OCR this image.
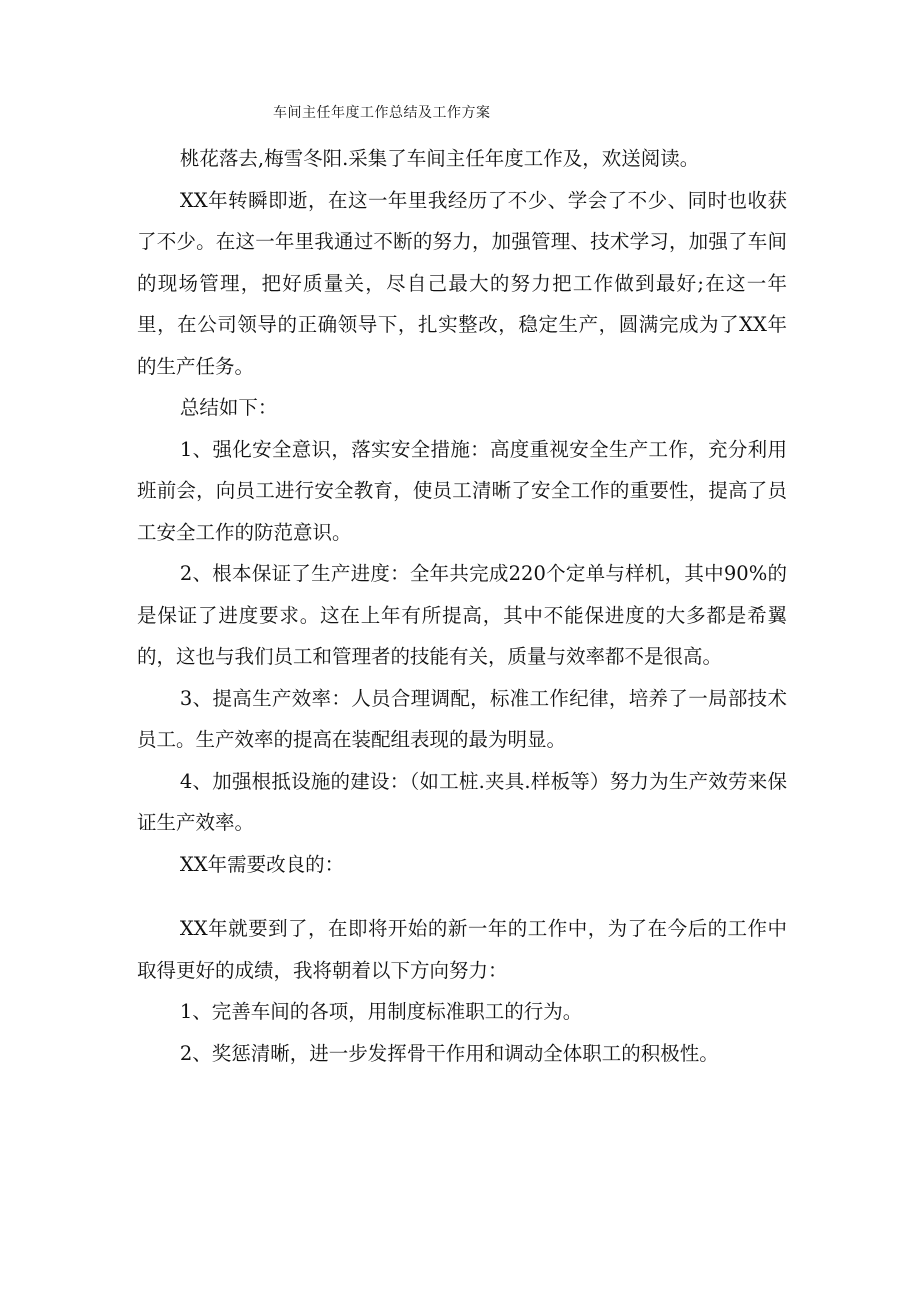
车间主任年度工作总结及工作方案

桃花落去,梅雪冬阳.采集了车间主任年度工作及，欢送阅读。

XX年转瞬即逝，在这一年里我经历了不少、学会了不少、同时也收获了不少。在这一年里我通过不断的努力，加强管理、技术学习，加强了车间的现场管理，把好质量关，尽自己最大的努力把工作做到最好;在这一年里，在公司领导的正确领导下，扎实整改，稳定生产，圆满完成为了XX年的生产任务。

总结如下：

1、强化安全意识，落实安全措施：高度重视安全生产工作，充分利用班前会，向员工进行安全教育，使员工清晰了安全工作的重要性，提高了员工安全工作的防范意识。

2、根本保证了生产进度：全年共完成220个定单与样机，其中90%的是保证了进度要求。这在上年有所提高，其中不能保进度的大多都是希翼的，这也与我们员工和管理者的技能有关，质量与效率都不是很高。

3、提高生产效率：人员合理调配，标准工作纪律，培养了一局部技术员工。生产效率的提高在装配组表现的最为明显。

4、加强根抵设施的建设：（如工桩.夹具.样板等）努力为生产效劳来保证生产效率。

XX年需要改良的：

XX年就要到了，在即将开始的新一年的工作中，为了在今后的工作中取得更好的成绩，我将朝着以下方向努力：

1、完善车间的各项，用制度标准职工的行为。

2、奖惩清晰，进一步发挥骨干作用和调动全体职工的积极性。
